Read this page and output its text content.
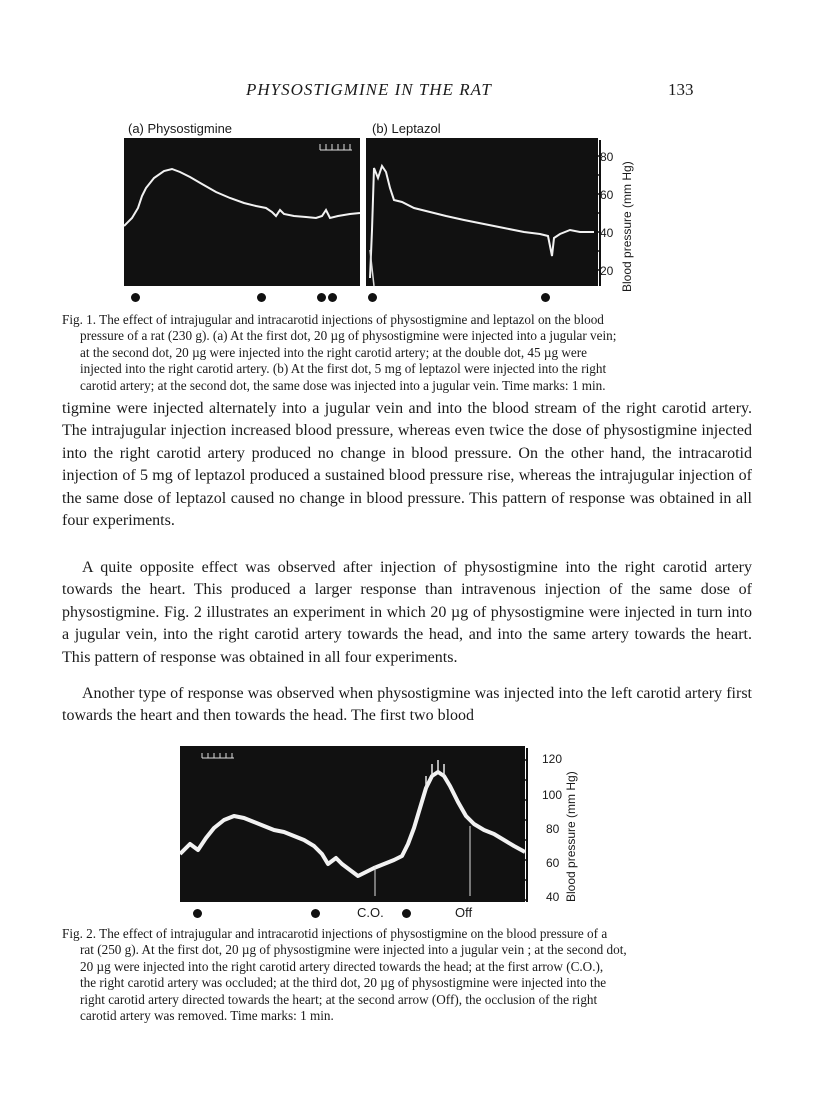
PHYSOSTIGMINE IN THE RAT	133
(a) Physostigmine	(b) Leptazol
80
60
40
20 Blood pressure (mm Hg)
Fig. 1. The effect of intrajugular and intracarotid injections of physostigmine and leptazol on the blood
pressure of a rat (230 g). (a) At the first dot, 20 µg of physostigmine were injected into a jugular vein;
at the second dot, 20 µg were injected into the right carotid artery; at the double dot, 45 µg were
injected into the right carotid artery. (b) At the first dot, 5 mg of leptazol were injected into the right
carotid artery; at the second dot, the same dose was injected into a jugular vein. Time marks: 1 min.
tigmine were injected alternately into a jugular vein and into the blood stream of the right carotid artery. The intrajugular injection increased blood pressure, whereas even twice the dose of physostigmine injected into the right carotid artery produced no change in blood pressure. On the other hand, the intracarotid injection of 5 mg of leptazol produced a sustained blood pressure rise, whereas the intrajugular injection of the same dose of leptazol caused no change in blood pressure. This pattern of response was obtained in all four experiments.
A quite opposite effect was observed after injection of physostigmine into the right carotid artery towards the heart. This produced a larger response than intravenous injection of the same dose of physostigmine. Fig. 2 illustrates an experiment in which 20 µg of physostigmine were injected in turn into a jugular vein, into the right carotid artery towards the head, and into the same artery towards the heart. This pattern of response was obtained in all four experiments.
Another type of response was observed when physostigmine was injected into the left carotid artery first towards the heart and then towards the head. The first two blood
120
100
80
60
40 Blood pressure (mm Hg)
C.O.	Off
Fig. 2. The effect of intrajugular and intracarotid injections of physostigmine on the blood pressure of a
rat (250 g). At the first dot, 20 µg of physostigmine were injected into a jugular vein ; at the second dot,
20 µg were injected into the right carotid artery directed towards the head; at the first arrow (C.O.),
the right carotid artery was occluded; at the third dot, 20 µg of physostigmine were injected into the
right carotid artery directed towards the heart; at the second arrow (Off), the occlusion of the right
carotid artery was removed. Time marks: 1 min.
